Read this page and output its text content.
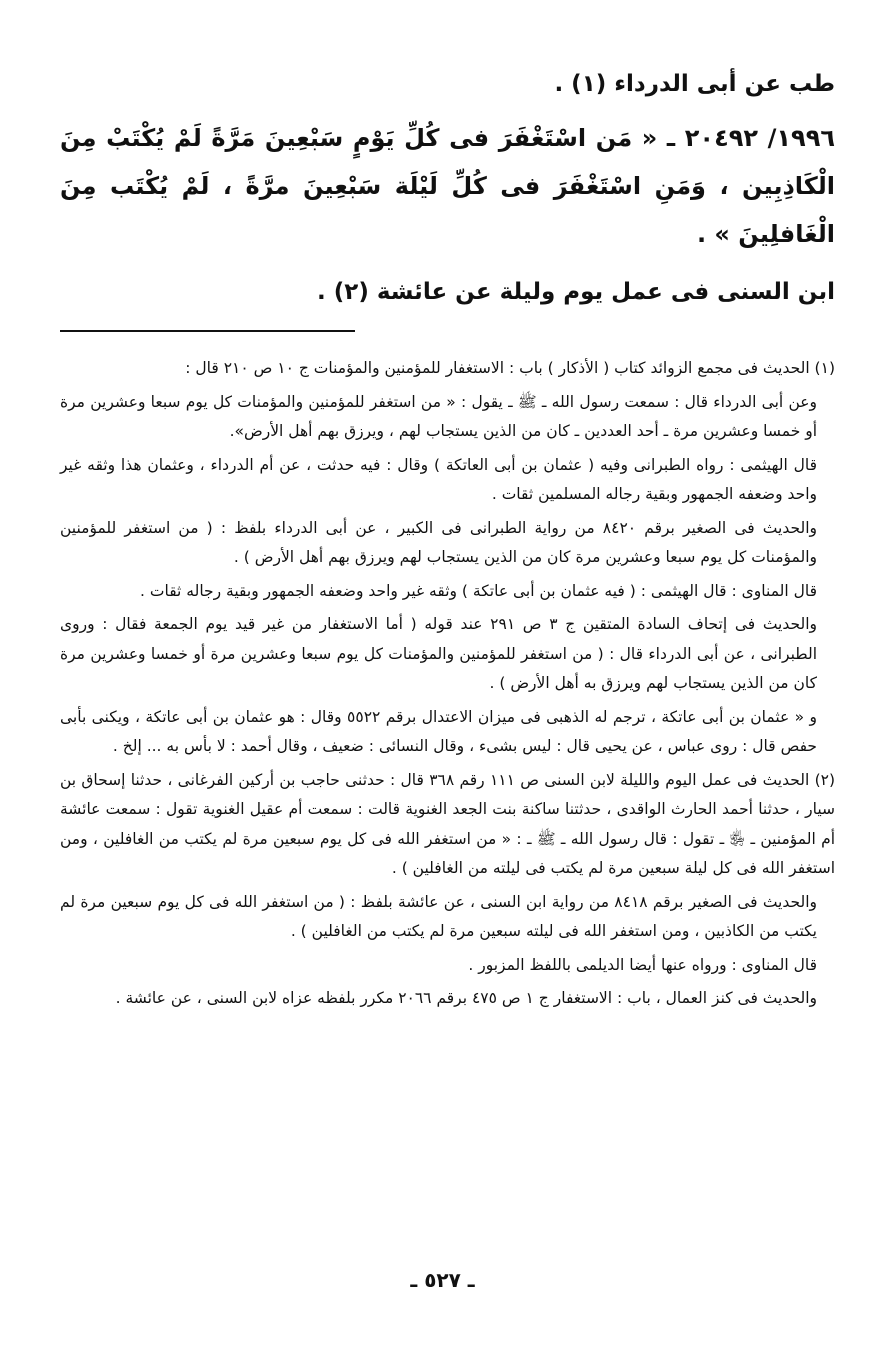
طب عن أبى الدرداء (١) .

١٩٩٦/ ٢٠٤٩٢ ـ « مَن اسْتَغْفَرَ فى كُلِّ يَوْمٍ سَبْعِينَ مَرَّةً لَمْ يُكْتَبْ مِنَ الْكَاذِبِين ، وَمَنِ اسْتَغْفَرَ فى كُلِّ لَيْلَة سَبْعِينَ مرَّةً ، لَمْ يُكْتَب مِنَ الْغَافلِينَ » .

ابن السنى فى عمل يوم وليلة عن عائشة (٢) .

(١) الحديث فى مجمع الزوائد كتاب ( الأذكار ) باب : الاستغفار للمؤمنين والمؤمنات ج ١٠ ص ٢١٠ قال :

وعن أبى الدرداء قال : سمعت رسول الله ـ ﷺ ـ يقول : « من استغفر للمؤمنين والمؤمنات كل يوم سبعا وعشرين مرة أو خمسا وعشرين مرة ـ أحد العددين ـ كان من الذين يستجاب لهم ، ويرزق بهم أهل الأرض».

قال الهيثمى : رواه الطبرانى وفيه ( عثمان بن أبى العاتكة ) وقال : فيه حدثت ، عن أم الدرداء ، وعثمان هذا وثقه غير واحد وضعفه الجمهور وبقية رجاله المسلمين ثقات .

والحديث فى الصغير برقم ٨٤٢٠ من رواية الطبرانى فى الكبير ، عن أبى الدرداء بلفظ : ( من استغفر للمؤمنين والمؤمنات كل يوم سبعا وعشرين مرة كان من الذين يستجاب لهم ويرزق بهم أهل الأرض ) .

قال المناوى : قال الهيثمى : ( فيه عثمان بن أبى عاتكة ) وثقه غير واحد وضعفه الجمهور وبقية رجاله ثقات .

والحديث فى إتحاف السادة المتقين ج ٣ ص ٢٩١ عند قوله ( أما الاستغفار من غير قيد يوم الجمعة فقال : وروى الطبرانى ، عن أبى الدرداء قال : ( من استغفر للمؤمنين والمؤمنات كل يوم سبعا وعشرين مرة أو خمسا وعشرين مرة كان من الذين يستجاب لهم ويرزق به أهل الأرض ) .

و « عثمان بن أبى عاتكة ، ترجم له الذهبى فى ميزان الاعتدال برقم ٥٥٢٢ وقال : هو عثمان بن أبى عاتكة ، ويكنى بأبى حفص قال : روى عباس ، عن يحيى قال : ليس بشىء ، وقال النسائى : ضعيف ، وقال أحمد : لا بأس به ... إلخ .

(٢) الحديث فى عمل اليوم والليلة لابن السنى ص ١١١ رقم ٣٦٨ قال : حدثنى حاجب بن أركين الفرغانى ، حدثنا إسحاق بن سيار ، حدثنا أحمد الحارث الواقدى ، حدثتنا ساكنة بنت الجعد الغنوية قالت : سمعت أم عقيل الغنوية تقول : سمعت عائشة أم المؤمنين ـ ﵂ ـ تقول : قال رسول الله ـ ﷺ ـ : « من استغفر الله فى كل يوم سبعين مرة لم يكتب من الغافلين ، ومن استغفر الله فى كل ليلة سبعين مرة لم يكتب فى ليلته من الغافلين ) .

والحديث فى الصغير برقم ٨٤١٨ من رواية ابن السنى ، عن عائشة بلفظ : ( من استغفر الله فى كل يوم سبعين مرة لم يكتب من الكاذبين ، ومن استغفر الله فى ليلته سبعين مرة لم يكتب من الغافلين ) .

قال المناوى : ورواه عنها أيضا الديلمى باللفظ المزبور .

والحديث فى كنز العمال ، باب : الاستغفار ج ١ ص ٤٧٥ برقم ٢٠٦٦ مكرر بلفظه عزاه لابن السنى ، عن عائشة .

ـ ٥٢٧ ـ
